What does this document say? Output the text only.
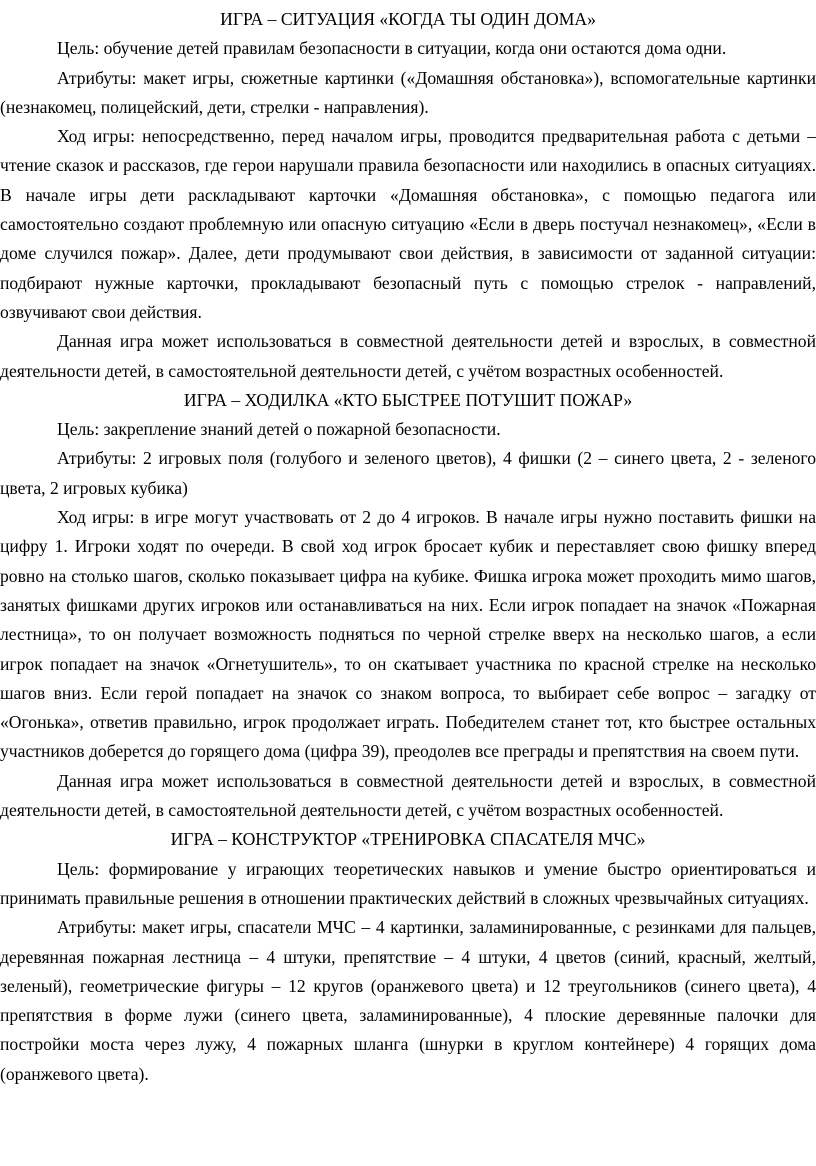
ИГРА – СИТУАЦИЯ «КОГДА ТЫ ОДИН ДОМА»

Цель: обучение детей правилам безопасности в ситуации, когда они остаются дома одни.

Атрибуты: макет игры, сюжетные картинки («Домашняя обстановка»), вспомогательные картинки (незнакомец, полицейский, дети, стрелки - направления).

Ход игры: непосредственно, перед началом игры, проводится предварительная работа с детьми – чтение сказок и рассказов, где герои нарушали правила безопасности или находились в опасных ситуациях. В начале игры дети раскладывают карточки «Домашняя обстановка», с помощью педагога или самостоятельно создают проблемную или опасную ситуацию «Если в дверь постучал незнакомец», «Если в доме случился пожар». Далее, дети продумывают свои действия, в зависимости от заданной ситуации: подбирают нужные карточки, прокладывают безопасный путь с помощью стрелок - направлений, озвучивают свои действия.

Данная игра может использоваться в совместной деятельности детей и взрослых, в совместной деятельности детей, в самостоятельной деятельности детей, с учётом возрастных особенностей.

ИГРА – ХОДИЛКА «КТО БЫСТРЕЕ ПОТУШИТ ПОЖАР»

Цель: закрепление знаний детей о пожарной безопасности.

Атрибуты: 2 игровых поля (голубого и зеленого цветов), 4 фишки (2 – синего цвета, 2 - зеленого цвета, 2 игровых кубика)

Ход игры: в игре могут участвовать от 2 до 4 игроков. В начале игры нужно поставить фишки на цифру 1. Игроки ходят по очереди. В свой ход игрок бросает кубик и переставляет свою фишку вперед ровно на столько шагов, сколько показывает цифра на кубике. Фишка игрока может проходить мимо шагов, занятых фишками других игроков или останавливаться на них. Если игрок попадает на значок «Пожарная лестница», то он получает возможность подняться по черной стрелке вверх на несколько шагов, а если игрок попадает на значок «Огнетушитель», то он скатывает участника по красной стрелке на несколько шагов вниз. Если герой попадает на значок со знаком вопроса, то выбирает себе вопрос – загадку от «Огонька», ответив правильно, игрок продолжает играть. Победителем станет тот, кто быстрее остальных участников доберется до горящего дома (цифра 39), преодолев все преграды и препятствия на своем пути.

Данная игра может использоваться в совместной деятельности детей и взрослых, в совместной деятельности детей, в самостоятельной деятельности детей, с учётом возрастных особенностей.

ИГРА – КОНСТРУКТОР «ТРЕНИРОВКА СПАСАТЕЛЯ МЧС»

Цель: формирование у играющих теоретических навыков и умение быстро ориентироваться и принимать правильные решения в отношении практических действий в сложных чрезвычайных ситуациях.

Атрибуты: макет игры, спасатели МЧС – 4 картинки, заламинированные, с резинками для пальцев, деревянная пожарная лестница – 4 штуки, препятствие – 4 штуки, 4 цветов (синий, красный, желтый, зеленый), геометрические фигуры – 12 кругов (оранжевого цвета) и 12 треугольников (синего цвета), 4 препятствия в форме лужи (синего цвета, заламинированные), 4 плоские деревянные палочки для постройки моста через лужу, 4 пожарных шланга (шнурки в круглом контейнере) 4 горящих дома (оранжевого цвета).
